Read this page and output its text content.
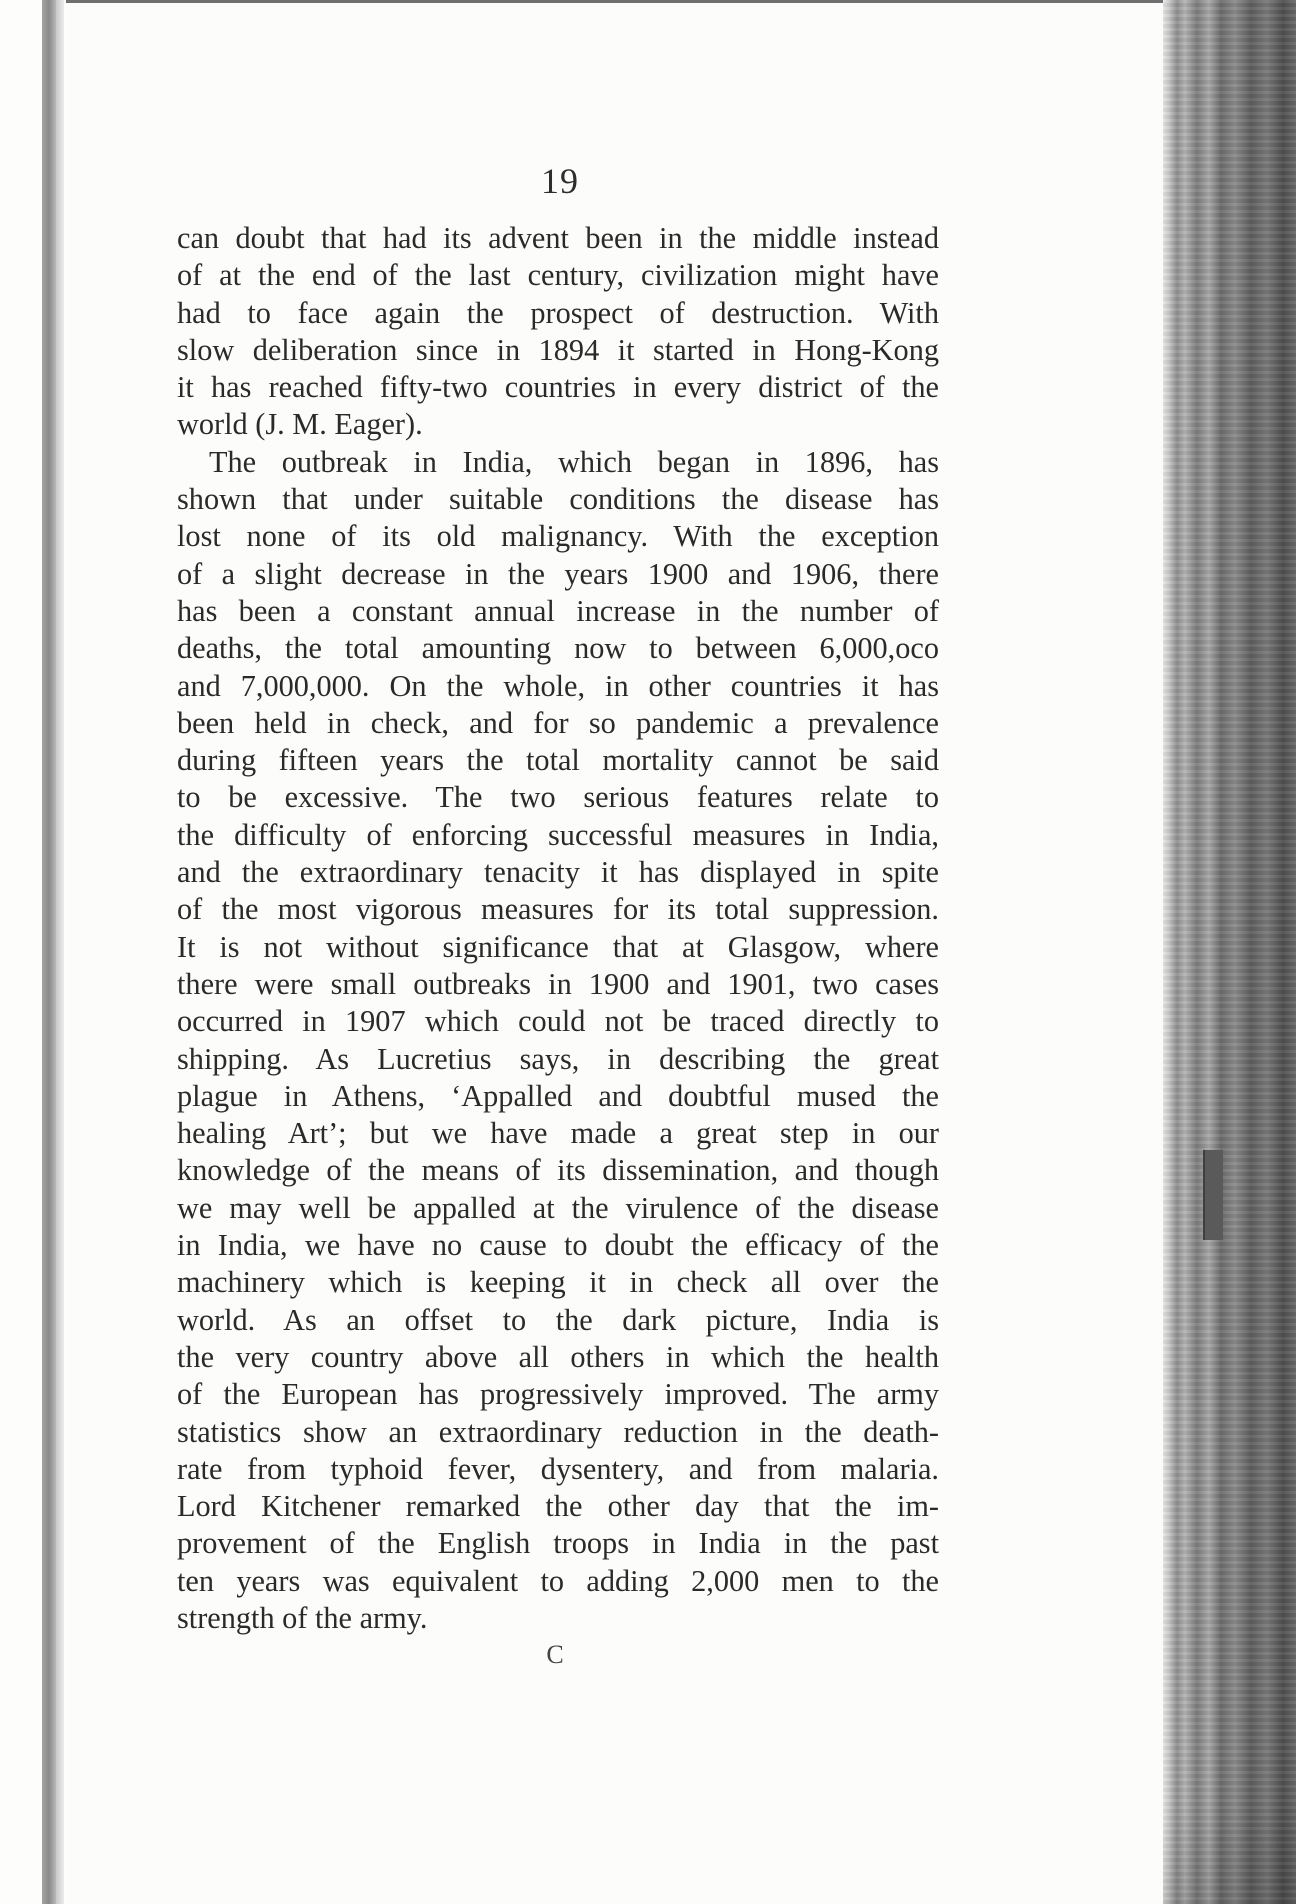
19
can doubt that had its advent been in the middle instead
of at the end of the last century, civilization might have
had to face again the prospect of destruction. With
slow deliberation since in 1894 it started in Hong-Kong
it has reached fifty-two countries in every district of the
world (J. M. Eager).
The outbreak in India, which began in 1896, has
shown that under suitable conditions the disease has
lost none of its old malignancy. With the exception
of a slight decrease in the years 1900 and 1906, there
has been a constant annual increase in the number of
deaths, the total amounting now to between 6,000,oco
and 7,000,000. On the whole, in other countries it has
been held in check, and for so pandemic a prevalence
during fifteen years the total mortality cannot be said
to be excessive. The two serious features relate to
the difficulty of enforcing successful measures in India,
and the extraordinary tenacity it has displayed in spite
of the most vigorous measures for its total suppression.
It is not without significance that at Glasgow, where
there were small outbreaks in 1900 and 1901, two cases
occurred in 1907 which could not be traced directly to
shipping. As Lucretius says, in describing the great
plague in Athens, ‘Appalled and doubtful mused the
healing Art’; but we have made a great step in our
knowledge of the means of its dissemination, and though
we may well be appalled at the virulence of the disease
in India, we have no cause to doubt the efficacy of the
machinery which is keeping it in check all over the
world. As an offset to the dark picture, India is
the very country above all others in which the health
of the European has progressively improved. The army
statistics show an extraordinary reduction in the death-
rate from typhoid fever, dysentery, and from malaria.
Lord Kitchener remarked the other day that the im-
provement of the English troops in India in the past
ten years was equivalent to adding 2,000 men to the
strength of the army.
C
